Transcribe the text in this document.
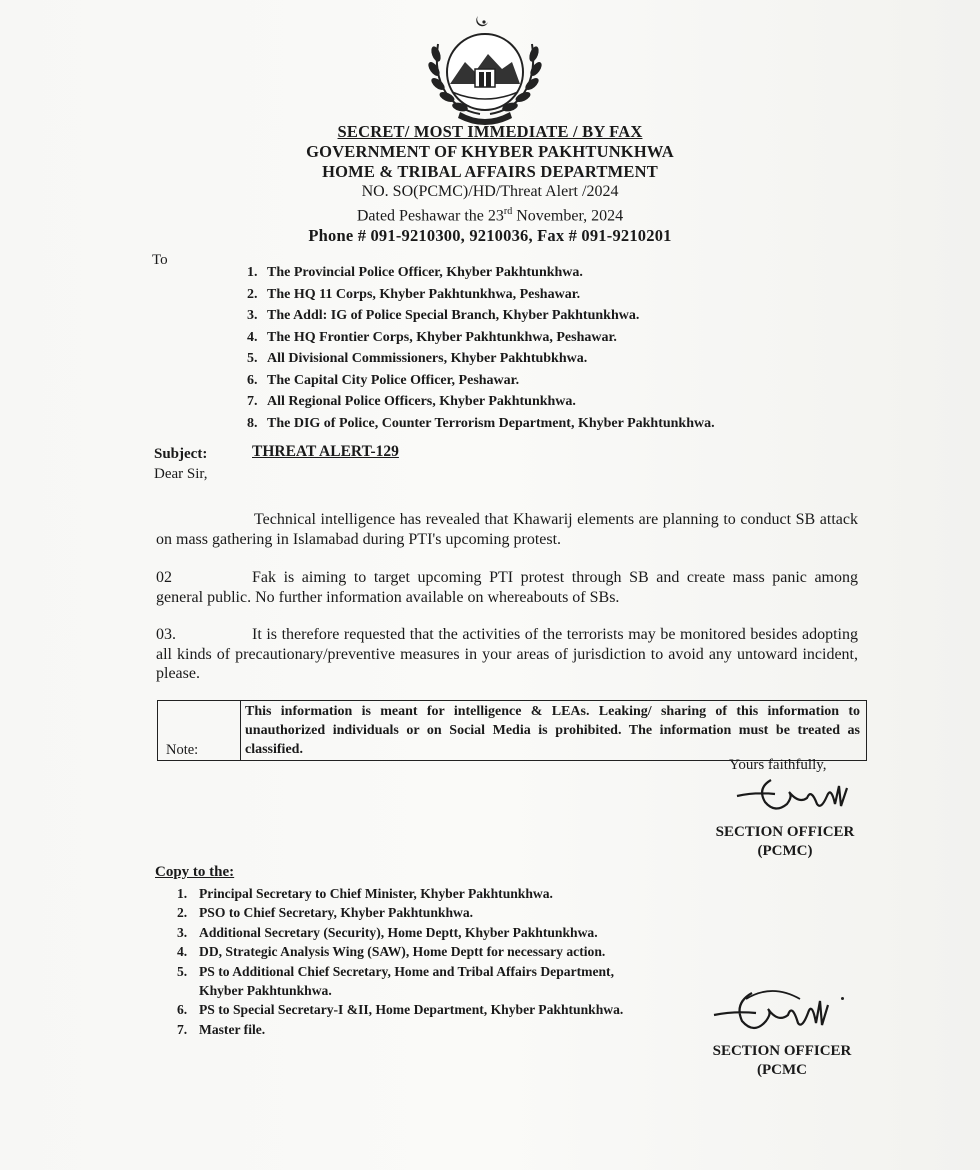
SECRET/ MOST IMMEDIATE / BY FAX
GOVERNMENT OF KHYBER PAKHTUNKHWA
HOME & TRIBAL AFFAIRS DEPARTMENT
NO. SO(PCMC)/HD/Threat Alert /2024
Dated Peshawar the 23rd November, 2024
Phone # 091-9210300, 9210036, Fax # 091-9210201
To
1. The Provincial Police Officer, Khyber Pakhtunkhwa.
2. The HQ 11 Corps, Khyber Pakhtunkhwa, Peshawar.
3. The Addl: IG of Police Special Branch, Khyber Pakhtunkhwa.
4. The HQ Frontier Corps, Khyber Pakhtunkhwa, Peshawar.
5. All Divisional Commissioners, Khyber Pakhtubkhwa.
6. The Capital City Police Officer, Peshawar.
7. All Regional Police Officers, Khyber Pakhtunkhwa.
8. The DIG of Police, Counter Terrorism Department, Khyber Pakhtunkhwa.
Subject:	THREAT ALERT-129
Dear Sir,
Technical intelligence has revealed that Khawarij elements are planning to conduct SB attack on mass gathering in Islamabad during PTI's upcoming protest.
02	Fak is aiming to target upcoming PTI protest through SB and create mass panic among general public. No further information available on whereabouts of SBs.
03.	It is therefore requested that the activities of the terrorists may be monitored besides adopting all kinds of precautionary/preventive measures in your areas of jurisdiction to avoid any untoward incident, please.
Note:	This information is meant for intelligence & LEAs. Leaking/ sharing of this information to unauthorized individuals or on Social Media is prohibited. The information must be treated as classified.
Yours faithfully,
SECTION OFFICER
(PCMC)
Copy to the:
1. Principal Secretary to Chief Minister, Khyber Pakhtunkhwa.
2. PSO to Chief Secretary, Khyber Pakhtunkhwa.
3. Additional Secretary (Security), Home Deptt, Khyber Pakhtunkhwa.
4. DD, Strategic Analysis Wing (SAW), Home Deptt for necessary action.
5. PS to Additional Chief Secretary, Home and Tribal Affairs Department,
Khyber Pakhtunkhwa.
6. PS to Special Secretary-I &II, Home Department, Khyber Pakhtunkhwa.
7. Master file.
SECTION OFFICER
(PCMC
